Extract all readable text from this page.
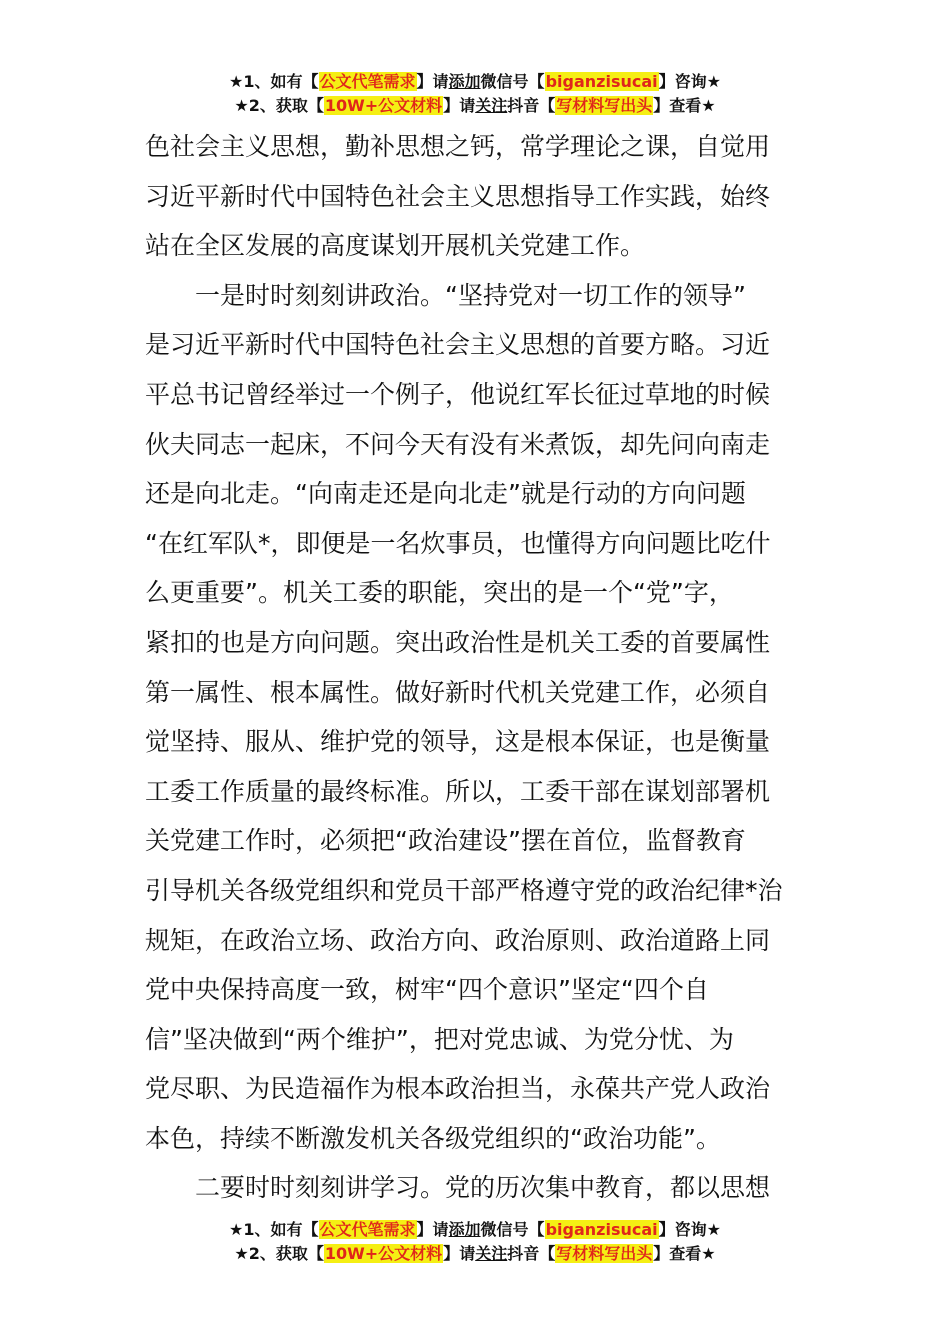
★1、如有【公文代笔需求】请添加微信号【biganzisucai】咨询★
★2、获取【10W+公文材料】请关注抖音【写材料写出头】查看★
色社会主义思想，勤补思想之钙，常学理论之课，自觉用
习近平新时代中国特色社会主义思想指导工作实践，始终
站在全区发展的高度谋划开展机关党建工作。
　　一是时时刻刻讲政治。“坚持党对一切工作的领导”
是习近平新时代中国特色社会主义思想的首要方略。习近
平总书记曾经举过一个例子，他说红军长征过草地的时候
伙夫同志一起床，不问今天有没有米煮饭，却先问向南走
还是向北走。“向南走还是向北走”就是行动的方向问题
“在红军队*，即便是一名炊事员，也懂得方向问题比吃什
么更重要”。机关工委的职能，突出的是一个“党”字，
紧扣的也是方向问题。突出政治性是机关工委的首要属性
第一属性、根本属性。做好新时代机关党建工作，必须自
觉坚持、服从、维护党的领导，这是根本保证，也是衡量
工委工作质量的最终标准。所以，工委干部在谋划部署机
关党建工作时，必须把“政治建设”摆在首位，监督教育
引导机关各级党组织和党员干部严格遵守党的政治纪律*治
规矩，在政治立场、政治方向、政治原则、政治道路上同
党中央保持高度一致，树牢“四个意识”坚定“四个自
信”坚决做到“两个维护”，把对党忠诚、为党分忧、为
党尽职、为民造福作为根本政治担当，永葆共产党人政治
本色，持续不断激发机关各级党组织的“政治功能”。
　　二要时时刻刻讲学习。党的历次集中教育，都以思想
★1、如有【公文代笔需求】请添加微信号【biganzisucai】咨询★
★2、获取【10W+公文材料】请关注抖音【写材料写出头】查看★
